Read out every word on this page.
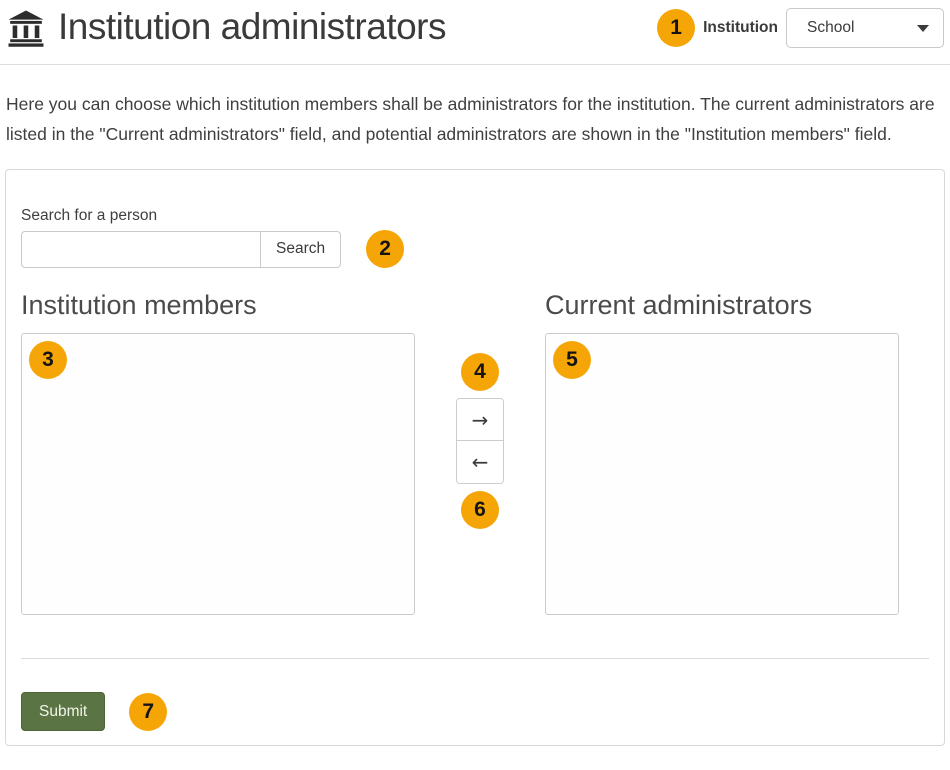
Institution administrators	1	Institution School

Here you can choose which institution members shall be administrators for the institution. The current administrators are listed in the "Current administrators" field, and potential administrators are shown in the "Institution members" field.

Search for a person
Search	2
Institution members
3
4
→
←
6
Current administrators
5
Submit	7
